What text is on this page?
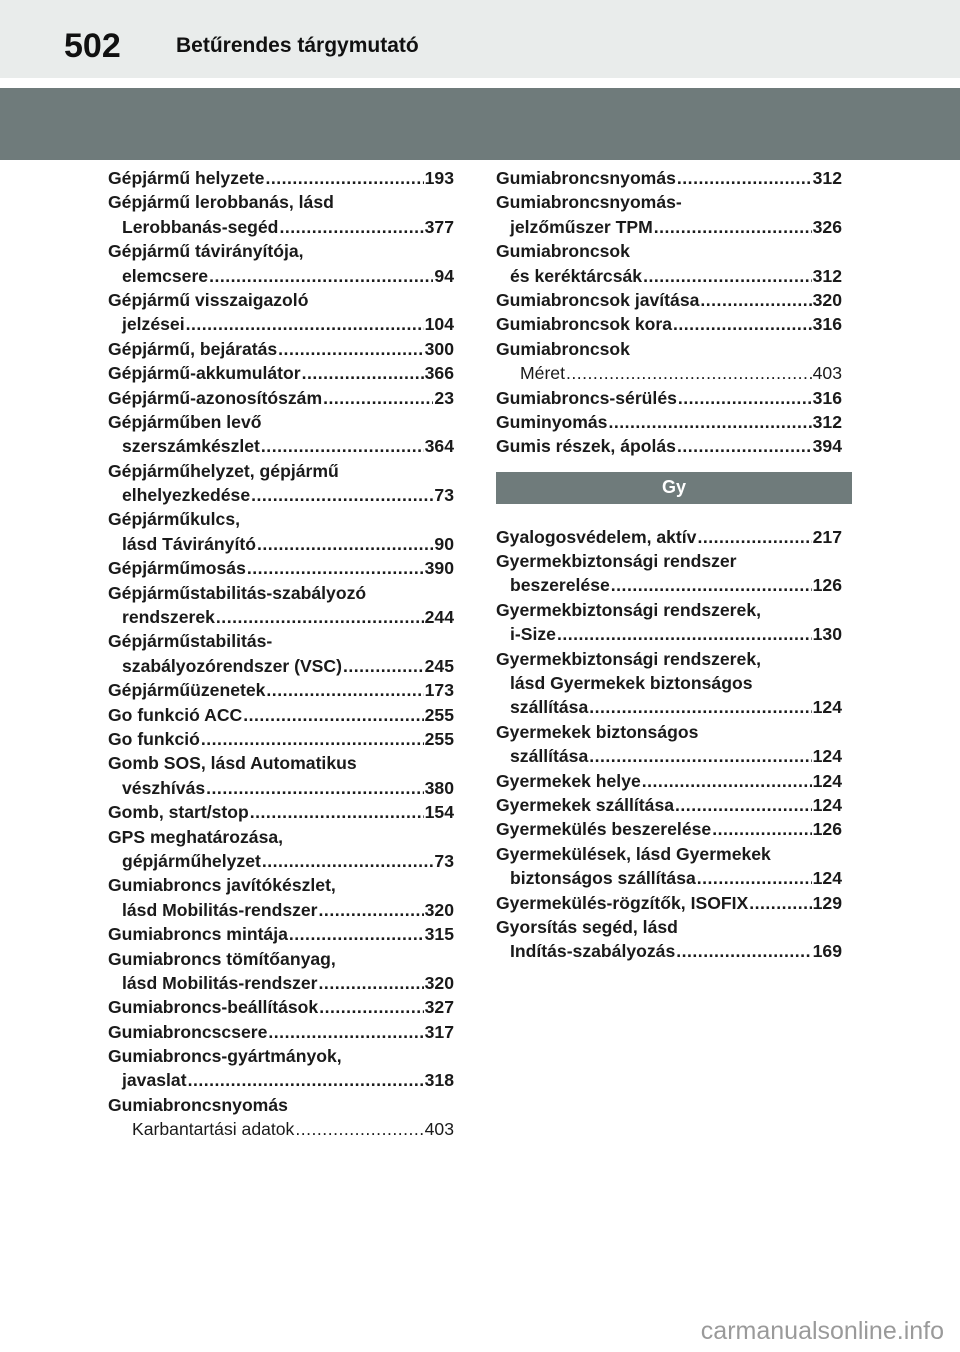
502	Betűrendes tárgymutató
Gépjármű helyzete .....	193
Gépjármű lerobbanás, lásd
Lerobbanás-segéd .....	377
Gépjármű távirányítója,
elemcsere .....	94
Gépjármű visszaigazoló
jelzései .....	104
Gépjármű, bejáratás .....	300
Gépjármű-akkumulátor .....	366
Gépjármű-azonosítószám .....	23
Gépjárműben levő
szerszámkészlet .....	364
Gépjárműhelyzet, gépjármű
elhelyezkedése .....	73
Gépjárműkulcs,
lásd Távirányító .....	90
Gépjárműmosás .....	390
Gépjárműstabilitás-szabályozó
rendszerek .....	244
Gépjárműstabilitás-
szabályozórendszer (VSC) .....	245
Gépjárműüzenetek .....	173
Go funkció ACC .....	255
Go funkció .....	255
Gomb SOS, lásd Automatikus
vészhívás .....	380
Gomb, start/stop .....	154
GPS meghatározása,
gépjárműhelyzet .....	73
Gumiabroncs javítókészlet,
lásd Mobilitás-rendszer .....	320
Gumiabroncs mintája .....	315
Gumiabroncs tömítőanyag,
lásd Mobilitás-rendszer .....	320
Gumiabroncs-beállítások .....	327
Gumiabroncscsere .....	317
Gumiabroncs-gyártmányok,
javaslat .....	318
Gumiabroncsnyomás
Karbantartási adatok .....	403
Gumiabroncsnyomás .....	312
Gumiabroncsnyomás-
jelzőműszer TPM .....	326
Gumiabroncsok
és keréktárcsák .....	312
Gumiabroncsok javítása .....	320
Gumiabroncsok kora .....	316
Gumiabroncsok
Méret .....	403
Gumiabroncs-sérülés .....	316
Guminyomás .....	312
Gumis részek, ápolás .....	394
Gy
Gyalogosvédelem, aktív .....	217
Gyermekbiztonsági rendszer
beszerelése .....	126
Gyermekbiztonsági rendszerek,
i-Size .....	130
Gyermekbiztonsági rendszerek,
lásd Gyermekek biztonságos
szállítása .....	124
Gyermekek biztonságos
szállítása .....	124
Gyermekek helye .....	124
Gyermekek szállítása .....	124
Gyermekülés beszerelése .....	126
Gyermekülések, lásd Gyermekek
biztonságos szállítása .....	124
Gyermekülés-rögzítők, ISOFIX .....	129
Gyorsítás segéd, lásd
Indítás-szabályozás .....	169
carmanualsonline.info
